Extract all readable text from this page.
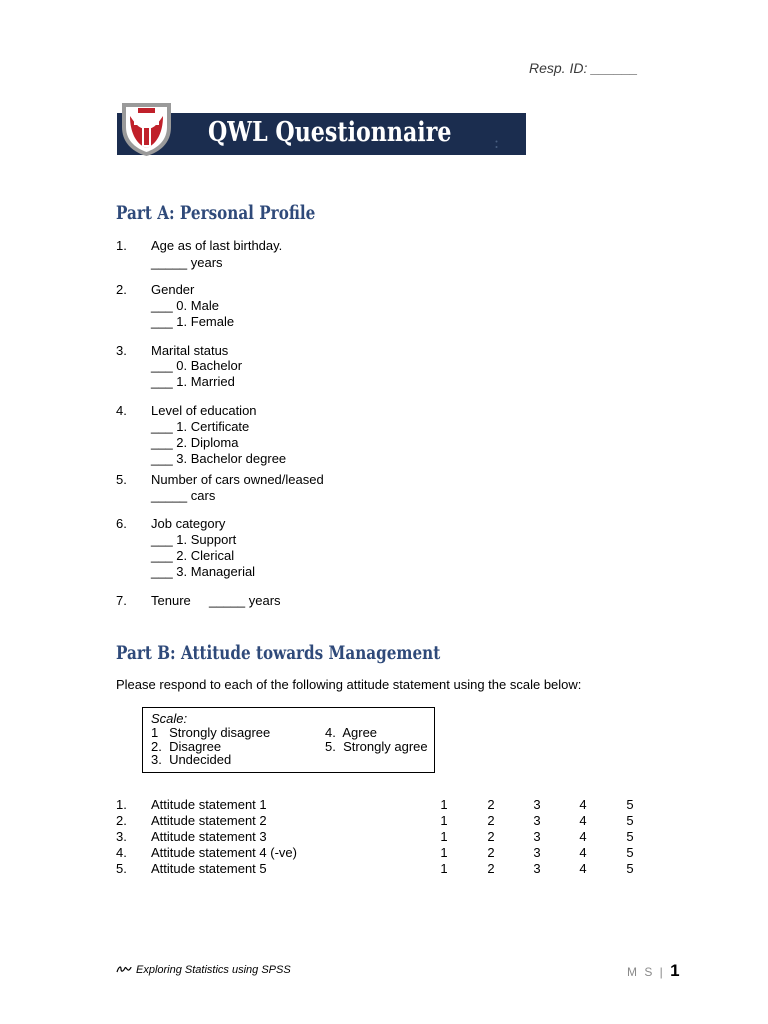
Resp. ID: ______
QWL Questionnaire
Part A: Personal Profile
1. Age as of last birthday.
_____ years
2. Gender
___ 0. Male
___ 1. Female
3. Marital status
___ 0. Bachelor
___ 1. Married
4. Level of education
___ 1. Certificate
___ 2. Diploma
___ 3. Bachelor degree
5. Number of cars owned/leased
_____ cars
6. Job category
___ 1. Support
___ 2. Clerical
___ 3. Managerial
7. Tenure _____ years
Part B: Attitude towards Management
Please respond to each of the following attitude statement using the scale below:
Scale:
1   Strongly disagree
2.  Disagree
3.  Undecided
4.  Agree
5.  Strongly agree
1. Attitude statement 1	1	2	3	4	5
2. Attitude statement 2	1	2	3	4	5
3. Attitude statement 3	1	2	3	4	5
4. Attitude statement 4 (-ve)	1	2	3	4	5
5. Attitude statement 5	1	2	3	4	5
Exploring Statistics using SPSS	M S | 1
